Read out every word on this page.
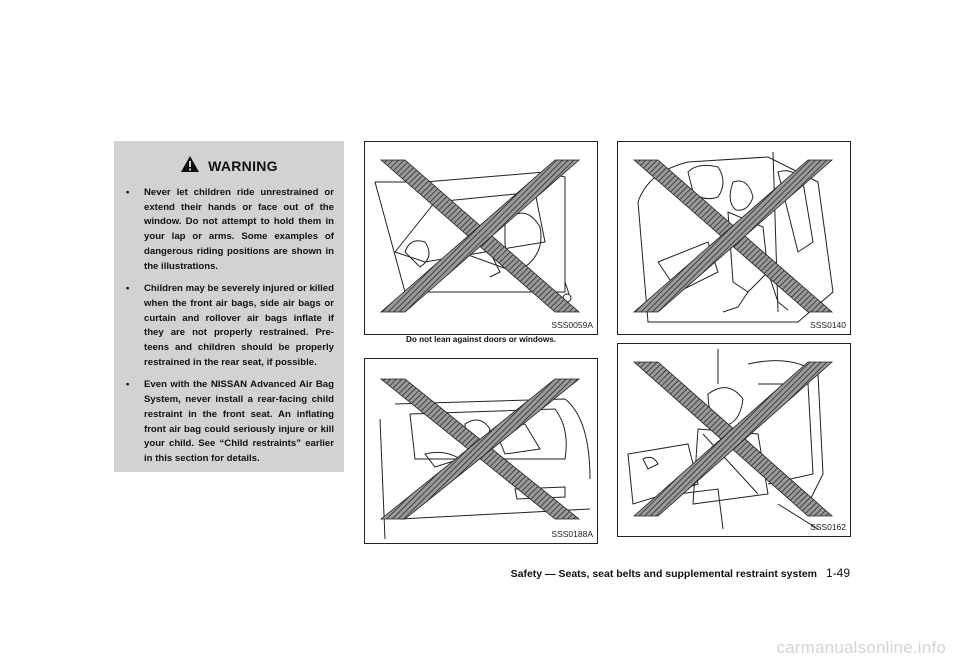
WARNING
• Never let children ride unrestrained or extend their hands or face out of the window. Do not attempt to hold them in your lap or arms. Some examples of dangerous riding positions are shown in the illustrations.
• Children may be severely injured or killed when the front air bags, side air bags or curtain and rollover air bags inflate if they are not properly restrained. Pre-teens and children should be properly restrained in the rear seat, if possible.
• Even with the NISSAN Advanced Air Bag System, never install a rear-facing child restraint in the front seat. An inflating front air bag could seriously injure or kill your child. See “Child restraints” earlier in this section for details.
SSS0059A
Do not lean against doors or windows.
SSS0140
SSS0188A
SSS0162
Safety — Seats, seat belts and supplemental restraint system 1-49
carmanualsonline.info
